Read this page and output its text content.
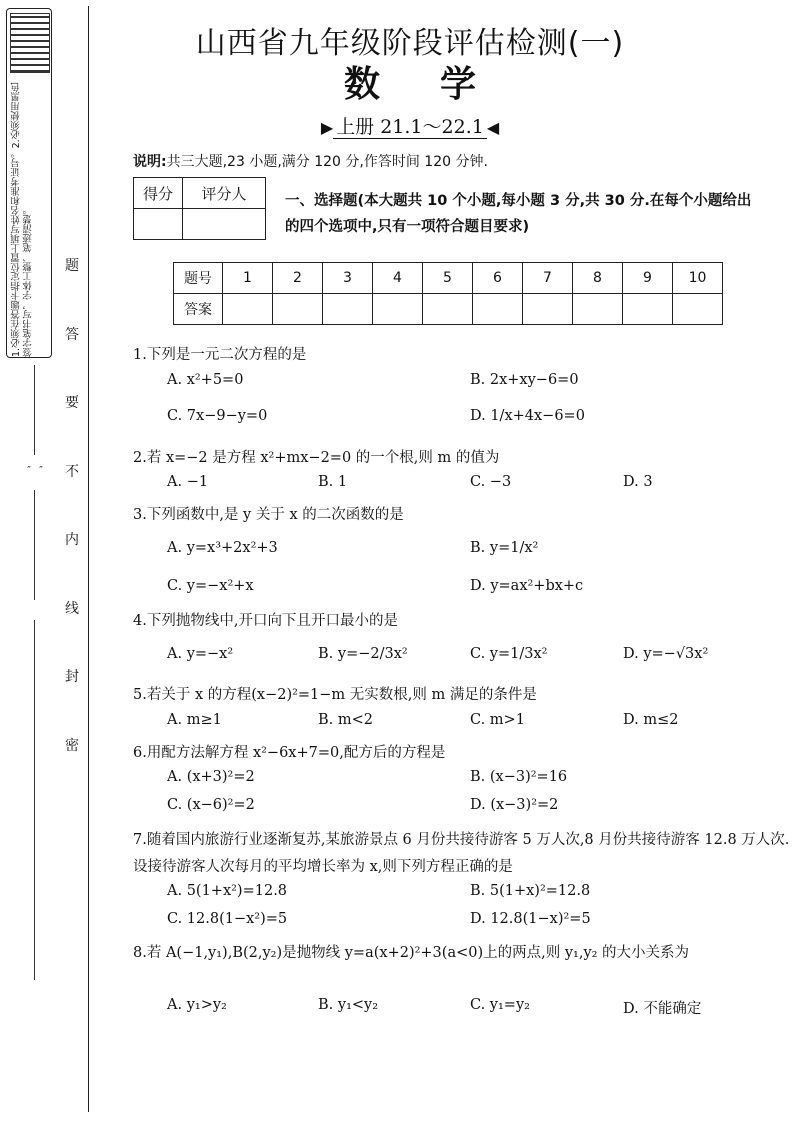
1.必须在答题卡指定位置上填写姓名和准考证号。2.必须使用黑色签字笔书写，字体工整、笔迹清楚。
″ ″
题
答
要
不
内
线
封
密
山西省九年级阶段评估检测(一)
数学
▶ 上册 21.1～22.1 ◀
说明:共三大题,23 小题,满分 120 分,作答时间 120 分钟.
得分	评分人
		一、选择题(本大题共 10 个小题,每小题 3 分,共 30 分.在每个小题给出的四个选项中,只有一项符合题目要求)
题号	1	2	3	4	5	6	7	8	9	10
答案										
1.下列是一元二次方程的是
A. x²+5=0	B. 2x+xy−6=0
C. 7x−9−y=0	D. 1/x+4x−6=0
2.若 x=−2 是方程 x²+mx−2=0 的一个根,则 m 的值为
A. −1	B. 1	C. −3	D. 3
3.下列函数中,是 y 关于 x 的二次函数的是
A. y=x³+2x²+3	B. y=1/x²
C. y=−x²+x	D. y=ax²+bx+c
4.下列抛物线中,开口向下且开口最小的是
A. y=−x²	B. y=−2/3x²	C. y=1/3x²	D. y=−√3x²
5.若关于 x 的方程(x−2)²=1−m 无实数根,则 m 满足的条件是
A. m≥1	B. m<2	C. m>1	D. m≤2
6.用配方法解方程 x²−6x+7=0,配方后的方程是
A. (x+3)²=2	B. (x−3)²=16
C. (x−6)²=2	D. (x−3)²=2
7.随着国内旅游行业逐渐复苏,某旅游景点 6 月份共接待游客 5 万人次,8 月份共接待游客 12.8 万人次.设接待游客人次每月的平均增长率为 x,则下列方程正确的是
A. 5(1+x²)=12.8	B. 5(1+x)²=12.8
C. 12.8(1−x²)=5	D. 12.8(1−x)²=5
8.若 A(−1,y₁),B(2,y₂)是抛物线 y=a(x+2)²+3(a<0)上的两点,则 y₁,y₂ 的大小关系为
A. y₁>y₂	B. y₁<y₂	C. y₁=y₂	D. 不能确定
